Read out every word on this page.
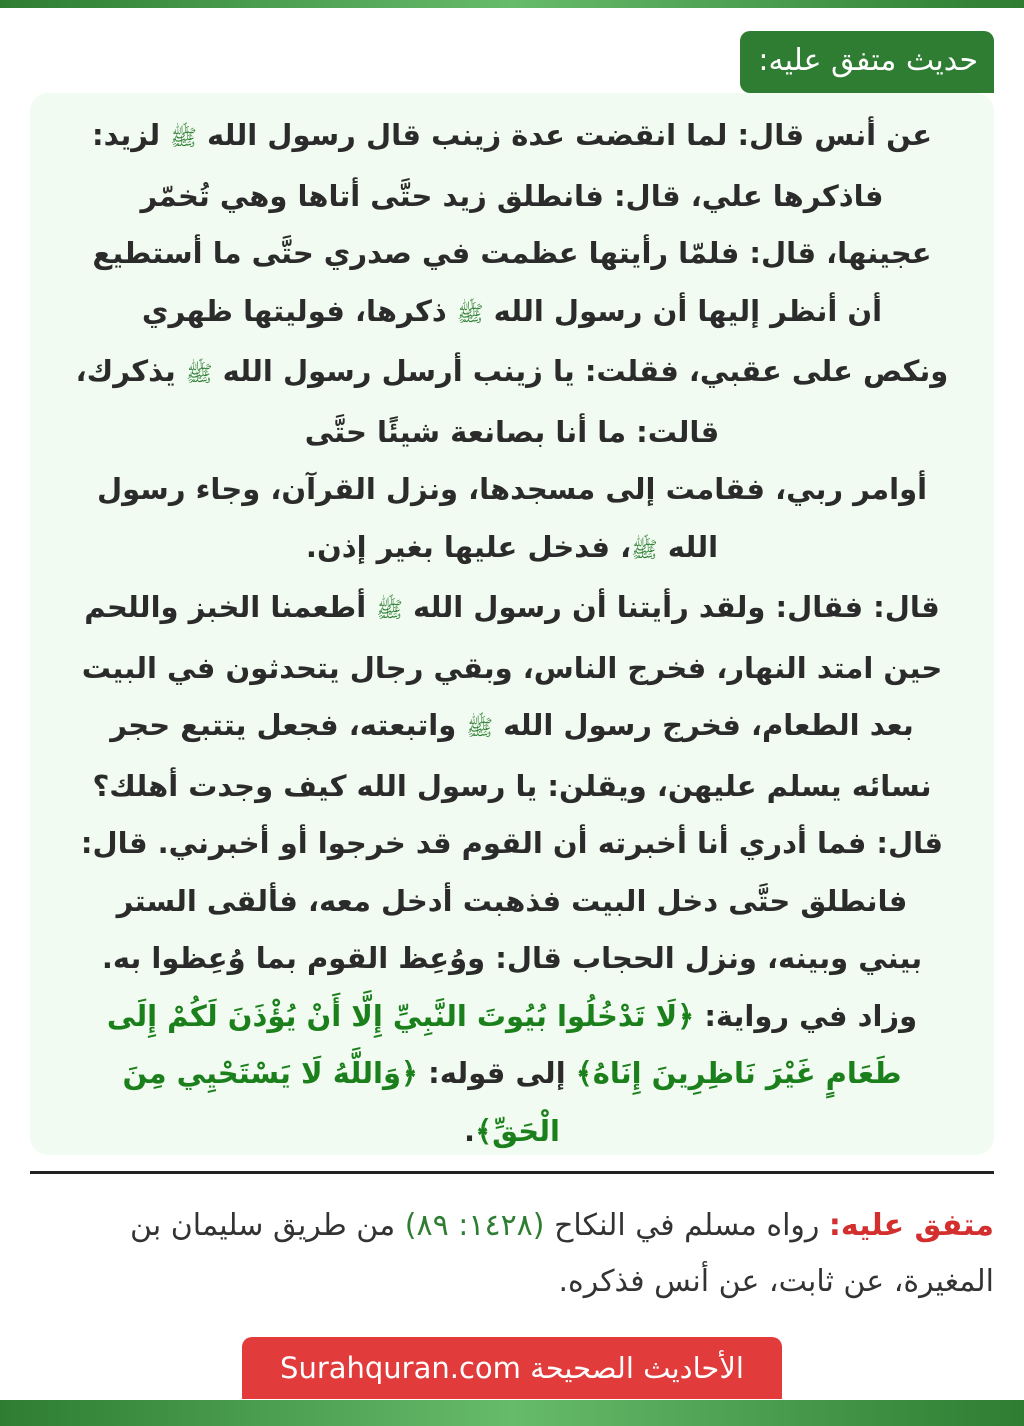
حديث متفق عليه:
عن أنس قال: لما انقضت عدة زينب قال رسول الله ﷺ لزيد:
فاذكرها علي، قال: فانطلق زيد حتَّى أتاها وهي تُخمّر
عجينها، قال: فلمّا رأيتها عظمت في صدري حتَّى ما أستطيع
أن أنظر إليها أن رسول الله ﷺ ذكرها، فوليتها ظهري
ونكص على عقبي، فقلت: يا زينب أرسل رسول الله ﷺ يذكرك،
قالت: ما أنا بصانعة شيئًا حتَّى
أوامر ربي، فقامت إلى مسجدها، ونزل القرآن، وجاء رسول
الله ﷺ، فدخل عليها بغير إذن.
قال: فقال: ولقد رأيتنا أن رسول الله ﷺ أطعمنا الخبز واللحم
حين امتد النهار، فخرج الناس، وبقي رجال يتحدثون في البيت
بعد الطعام، فخرج رسول الله ﷺ واتبعته، فجعل يتتبع حجر
نسائه يسلم عليهن، ويقلن: يا رسول الله كيف وجدت أهلك؟
قال: فما أدري أنا أخبرته أن القوم قد خرجوا أو أخبرني. قال:
فانطلق حتَّى دخل البيت فذهبت أدخل معه، فألقى الستر
بيني وبينه، ونزل الحجاب قال: ووُعِظ القوم بما وُعِظوا به.
وزاد في رواية: ﴿لَا تَدْخُلُوا بُيُوتَ النَّبِيِّ إِلَّا أَنْ يُؤْذَنَ لَكُمْ إِلَى
طَعَامٍ غَيْرَ نَاظِرِينَ إِنَاهُ﴾ إلى قوله: ﴿وَاللَّهُ لَا يَسْتَحْيِي مِنَ
الْحَقِّ﴾.
متفق عليه: رواه مسلم في النكاح (١٤٢٨: ٨٩) من طريق سليمان بن
المغيرة، عن ثابت، عن أنس فذكره.
الأحاديث الصحيحة Surahquran.com
